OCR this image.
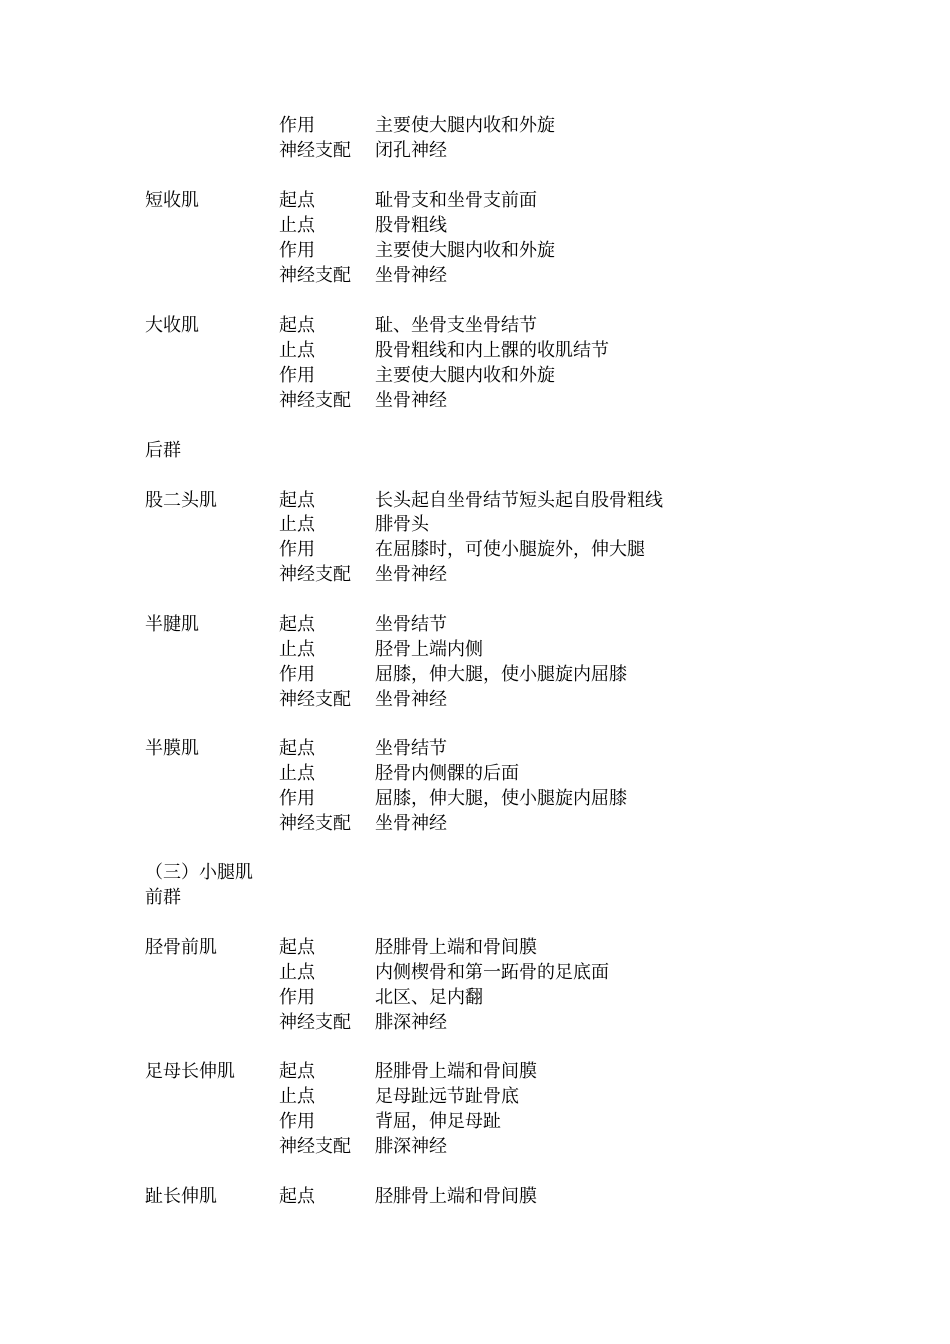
作用	主要使大腿内收和外旋
神经支配 闭孔神经
短收肌	起点	耻骨支和坐骨支前面
止点	股骨粗线
作用	主要使大腿内收和外旋
神经支配 坐骨神经
大收肌	起点	耻、坐骨支坐骨结节
止点	股骨粗线和内上髁的收肌结节
作用	主要使大腿内收和外旋
神经支配 坐骨神经
后群
股二头肌	起点	长头起自坐骨结节短头起自股骨粗线
止点	腓骨头
作用	在屈膝时，可使小腿旋外，伸大腿
神经支配 坐骨神经
半腱肌	起点	坐骨结节
止点	胫骨上端内侧
作用	屈膝，伸大腿，使小腿旋内屈膝
神经支配 坐骨神经
半膜肌	起点	坐骨结节
止点	胫骨内侧髁的后面
作用	屈膝，伸大腿，使小腿旋内屈膝
神经支配 坐骨神经
（三）小腿肌
前群
胫骨前肌	起点	胫腓骨上端和骨间膜
止点	内侧楔骨和第一跖骨的足底面
作用	北区、足内翻
神经支配 腓深神经
足母长伸肌 起点	胫腓骨上端和骨间膜
止点	足母趾远节趾骨底
作用	背屈，伸足母趾
神经支配 腓深神经
趾长伸肌	起点	胫腓骨上端和骨间膜
